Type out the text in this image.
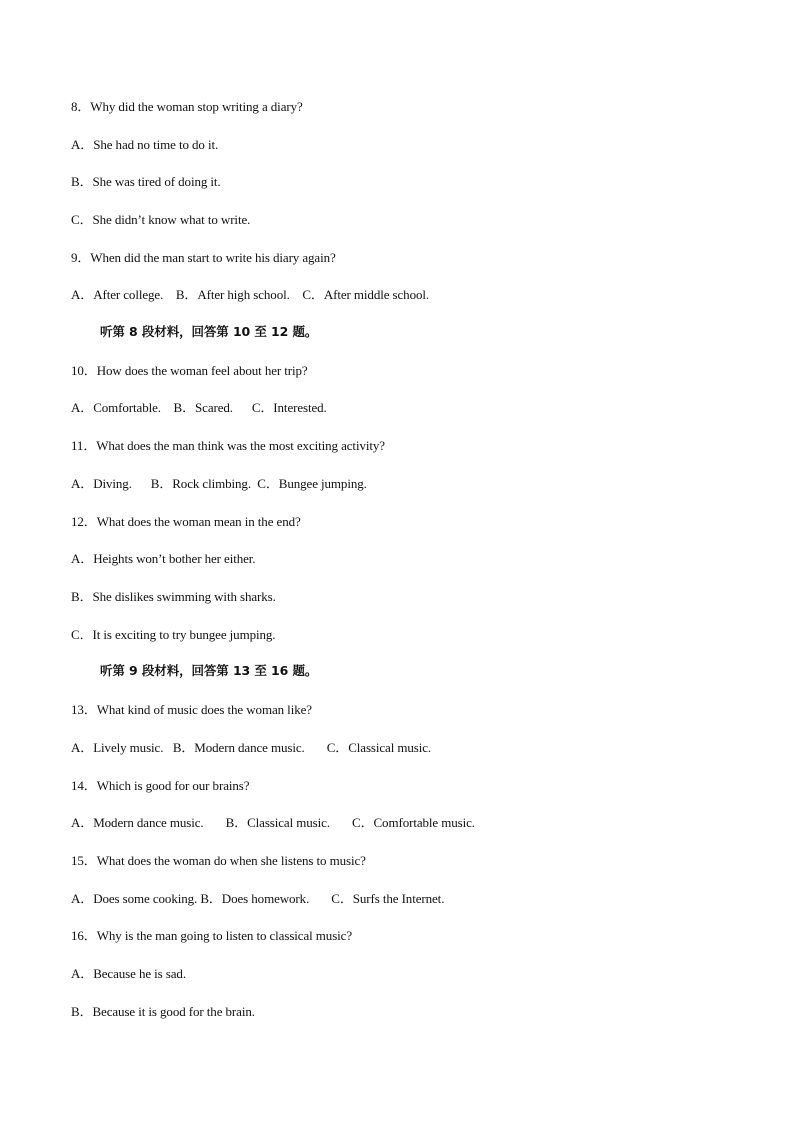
8．Why did the woman stop writing a diary?
A．She had no time to do it.
B．She was tired of doing it.
C．She didn’t know what to write.
9．When did the man start to write his diary again?
A．After college.    B．After high school.    C．After middle school.
听第 8 段材料，回答第 10 至 12 题。
10．How does the woman feel about her trip?
A．Comfortable.    B．Scared.      C．Interested.
11．What does the man think was the most exciting activity?
A．Diving.      B．Rock climbing.  C．Bungee jumping.
12．What does the woman mean in the end?
A．Heights won’t bother her either.
B．She dislikes swimming with sharks.
C．It is exciting to try bungee jumping.
听第 9 段材料，回答第 13 至 16 题。
13．What kind of music does the woman like?
A．Lively music.   B．Modern dance music.       C．Classical music.
14．Which is good for our brains?
A．Modern dance music.       B．Classical music.       C．Comfortable music.
15．What does the woman do when she listens to music?
A．Does some cooking. B．Does homework.       C．Surfs the Internet.
16．Why is the man going to listen to classical music?
A．Because he is sad.
B．Because it is good for the brain.
